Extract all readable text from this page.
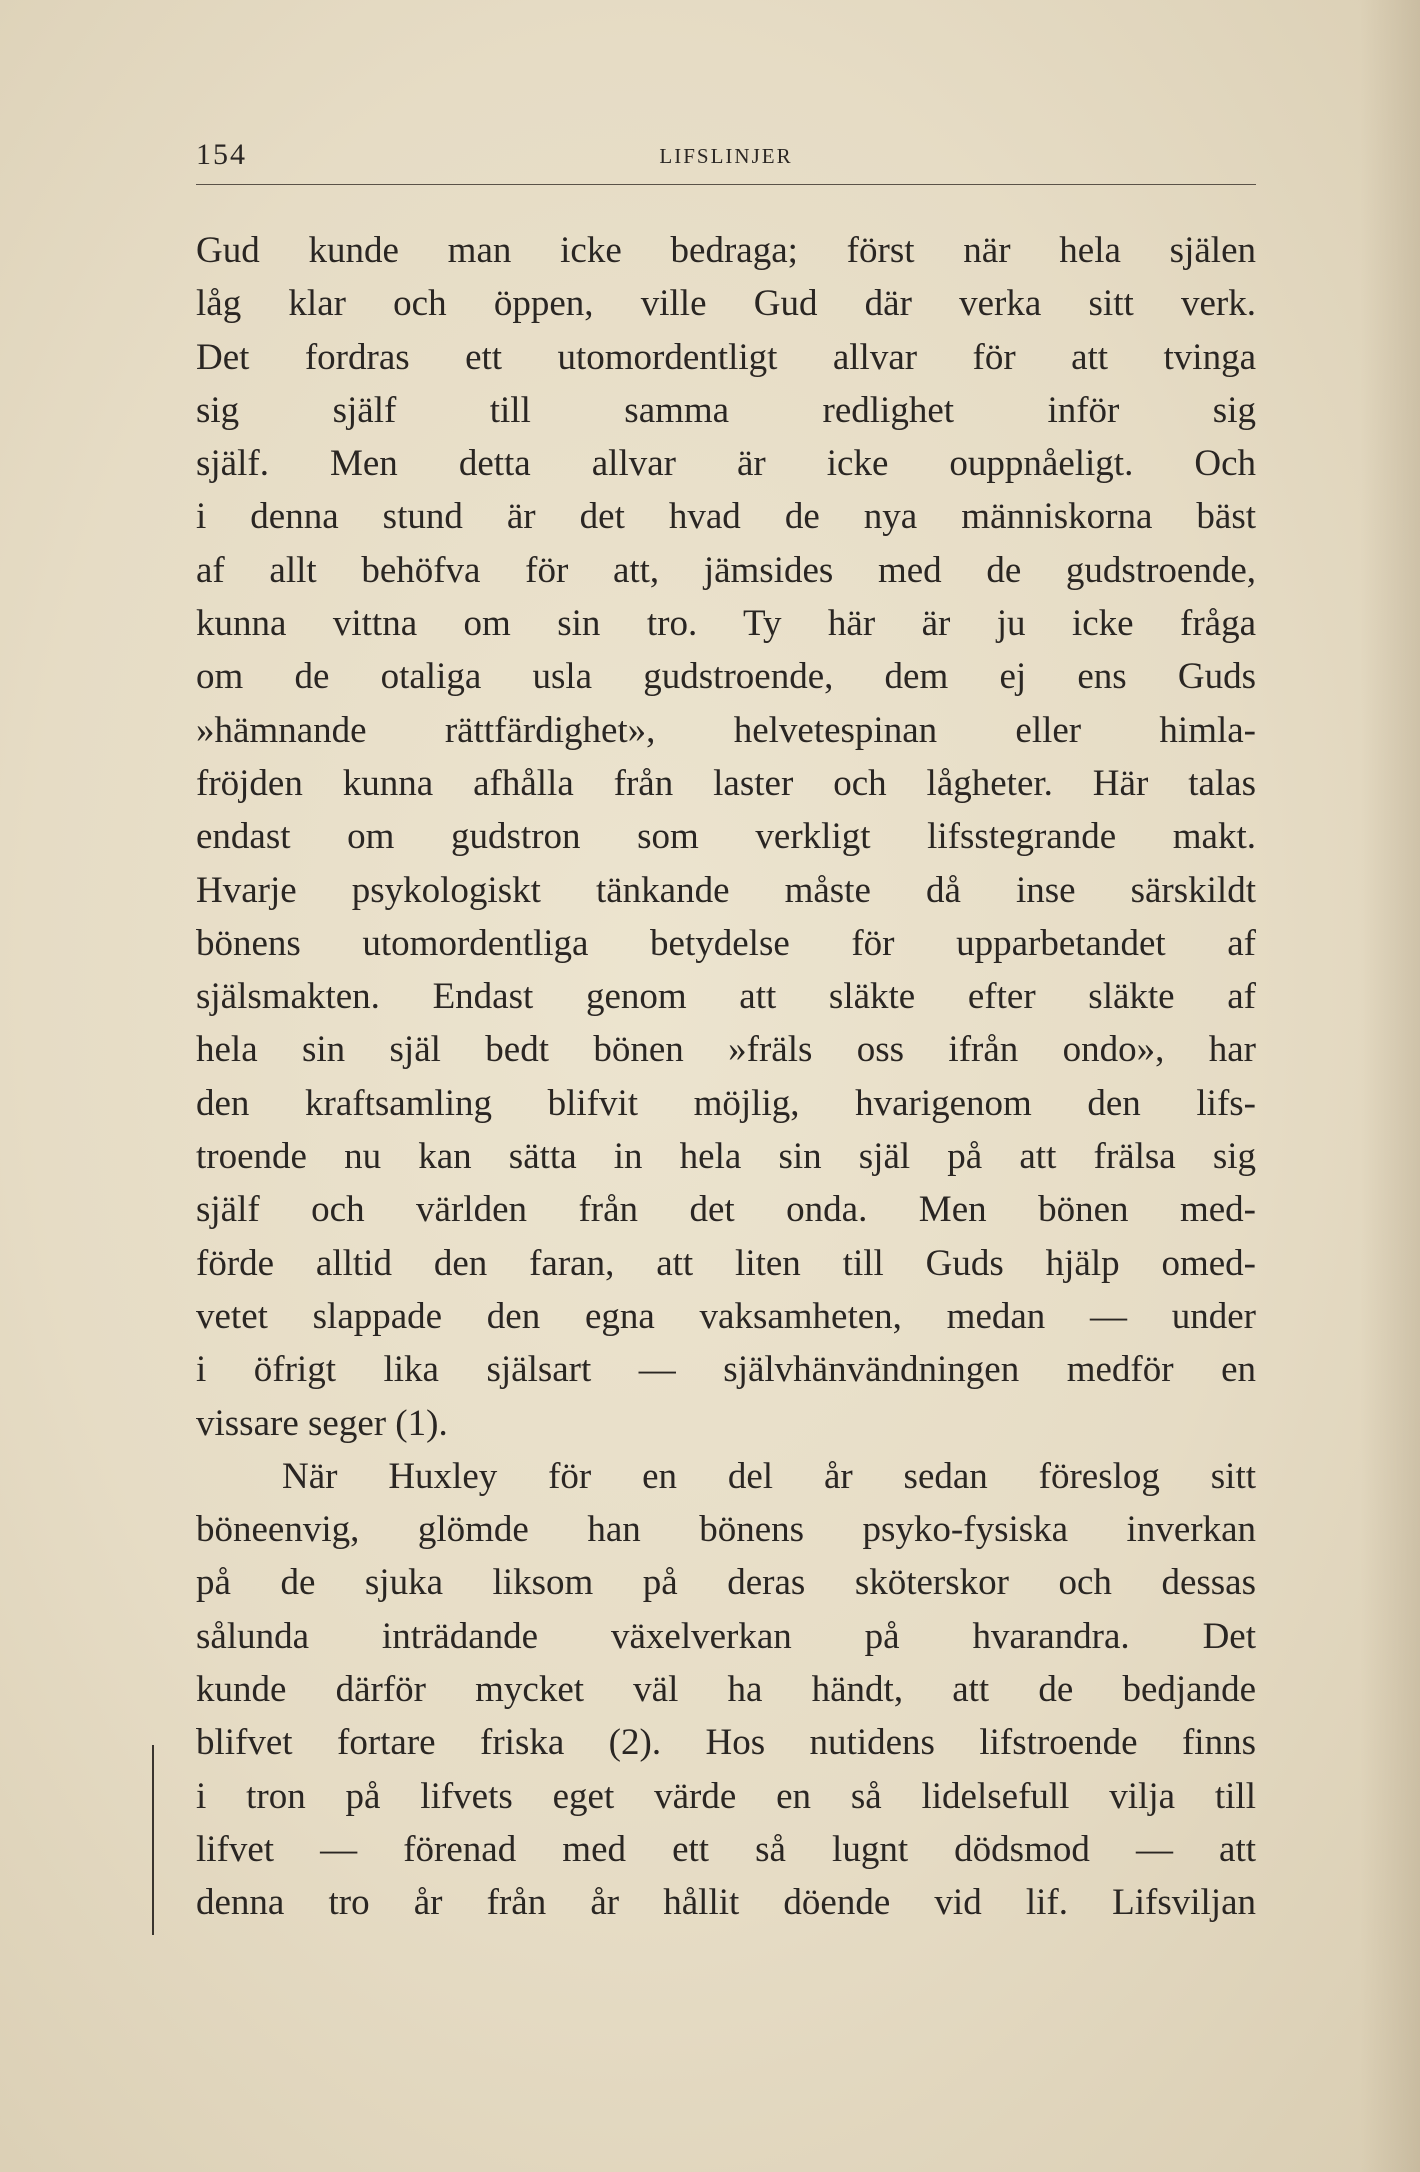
154	LIFSLINJER
Gud kunde man icke bedraga; först när hela själen
låg klar och öppen, ville Gud där verka sitt verk.
Det fordras ett utomordentligt allvar för att tvinga
sig själf till samma redlighet inför sig
själf. Men detta allvar är icke ouppnåeligt. Och
i denna stund är det hvad de nya människorna bäst
af allt behöfva för att, jämsides med de gudstroende,
kunna vittna om sin tro. Ty här är ju icke fråga
om de otaliga usla gudstroende, dem ej ens Guds
»hämnande rättfärdighet», helvetespinan eller himla-
fröjden kunna afhålla från laster och lågheter. Här talas
endast om gudstron som verkligt lifsstegrande makt.
Hvarje psykologiskt tänkande måste då inse särskildt
bönens utomordentliga betydelse för upparbetandet af
själsmakten. Endast genom att släkte efter släkte af
hela sin själ bedt bönen »fräls oss ifrån ondo», har
den kraftsamling blifvit möjlig, hvarigenom den lifs-
troende nu kan sätta in hela sin själ på att frälsa sig
själf och världen från det onda. Men bönen med-
förde alltid den faran, att liten till Guds hjälp omed-
vetet slappade den egna vaksamheten, medan — under
i öfrigt lika själsart — självhänvändningen medför en
vissare seger (1).
När Huxley för en del år sedan föreslog sitt
böneenvig, glömde han bönens psyko-fysiska inverkan
på de sjuka liksom på deras sköterskor och dessas
sålunda inträdande växelverkan på hvarandra. Det
kunde därför mycket väl ha händt, att de bedjande
blifvet fortare friska (2). Hos nutidens lifstroende finns
i tron på lifvets eget värde en så lidelsefull vilja till
lifvet — förenad med ett så lugnt dödsmod — att
denna tro år från år hållit döende vid lif. Lifsviljan
